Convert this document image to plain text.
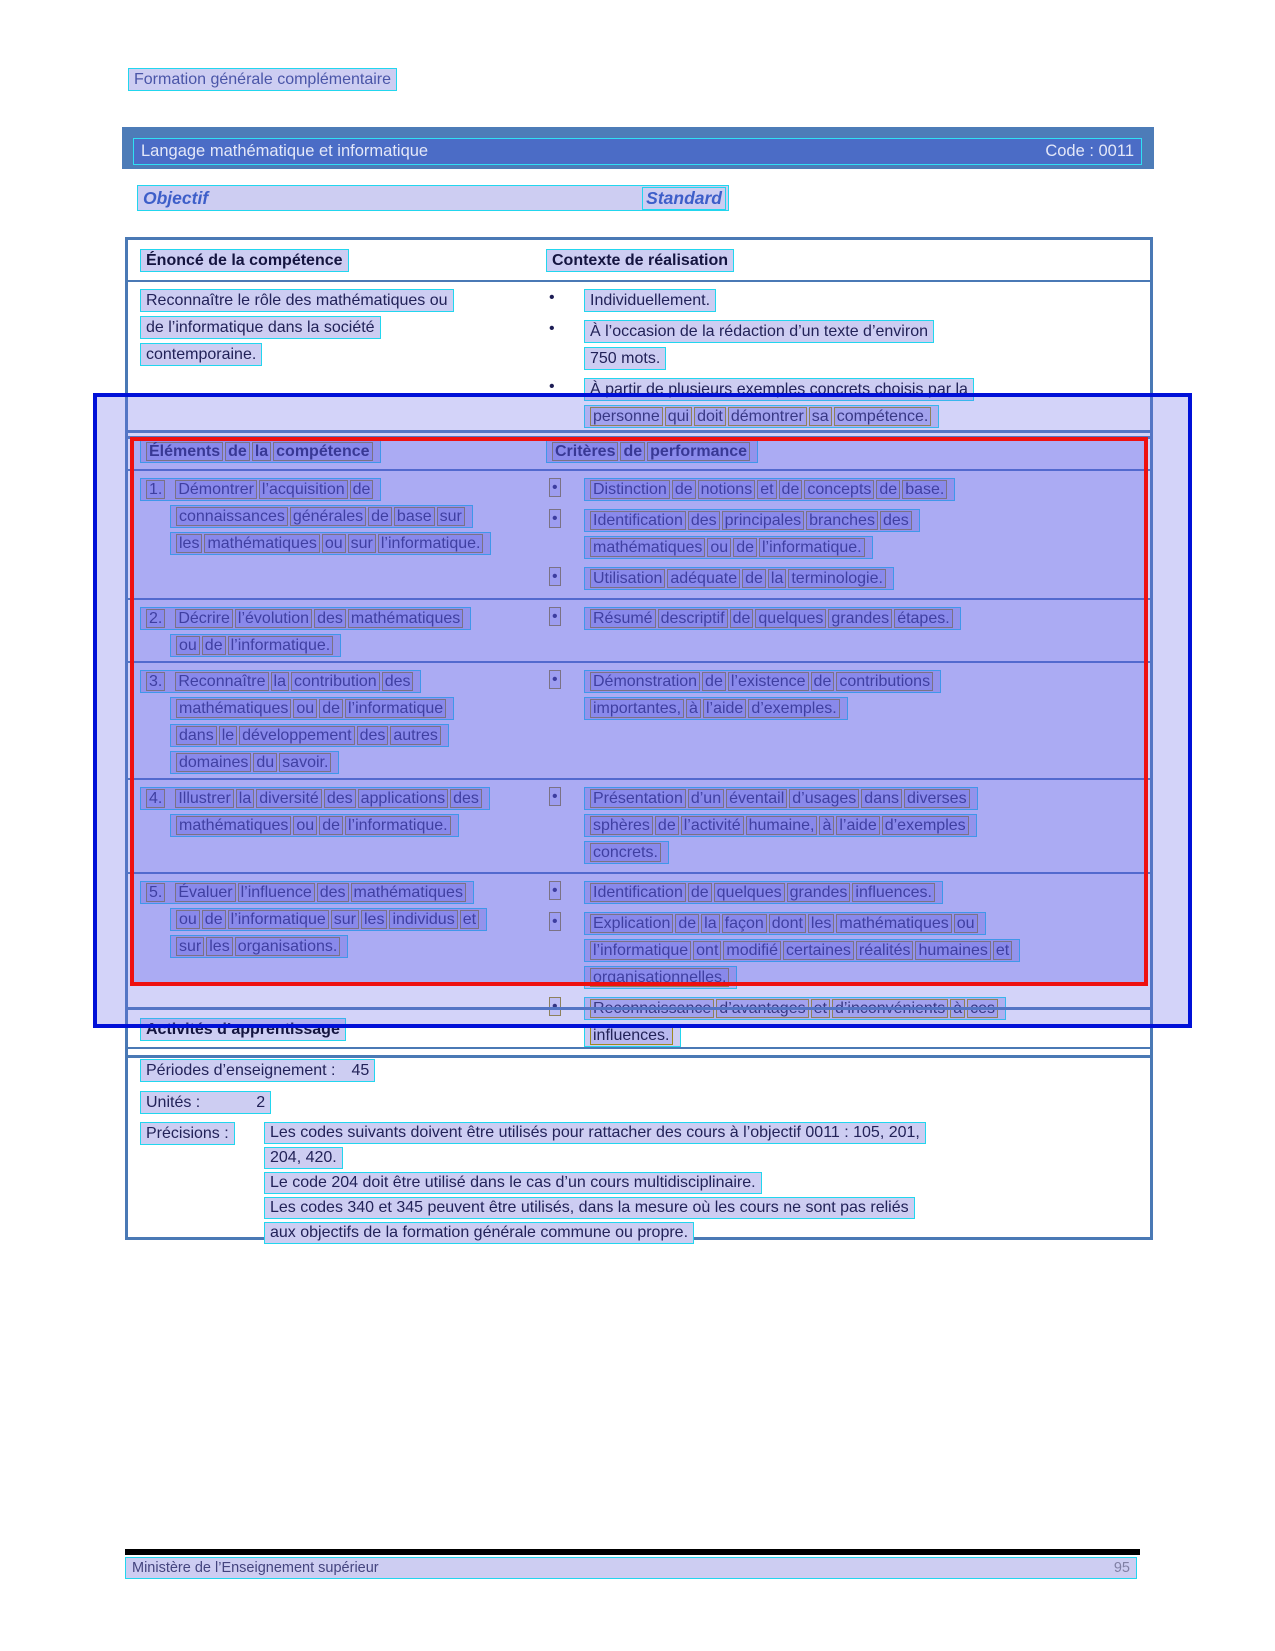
Formation générale complémentaire
Langage mathématique et informatique	Code : 0011
Objectif	Standard
Énoncé de la compétence	Contexte de réalisation
Reconnaître le rôle des mathématiques ou
de l’informatique dans la société
contemporaine.
•	Individuellement.
•	À l’occasion de la rédaction d’un texte d’environ
750 mots.
•	À partir de plusieurs exemples concrets choisis par la
personne qui doit démontrer sa compétence.
Éléments de la compétence	Critères de performance
1. Démontrer l’acquisition de
connaissances générales de base sur
les mathématiques ou sur l’informatique.
•	Distinction de notions et de concepts de base.
•	Identification des principales branches des
mathématiques ou de l’informatique.
•	Utilisation adéquate de la terminologie.
2. Décrire l’évolution des mathématiques
ou de l’informatique.
•	Résumé descriptif de quelques grandes étapes.
3. Reconnaître la contribution des
mathématiques ou de l’informatique
dans le développement des autres
domaines du savoir.
•	Démonstration de l’existence de contributions
importantes, à l’aide d’exemples.
4. Illustrer la diversité des applications des
mathématiques ou de l’informatique.
•	Présentation d’un éventail d’usages dans diverses
sphères de l’activité humaine, à l’aide d’exemples
concrets.
5. Évaluer l’influence des mathématiques
ou de l’informatique sur les individus et
sur les organisations.
•	Identification de quelques grandes influences.
•	Explication de la façon dont les mathématiques ou
l’informatique ont modifié certaines réalités humaines et
organisationnelles.
•	Reconnaissance d’avantages et d’inconvénients à ces
influences.
Activités d’apprentissage
Périodes d’enseignement : 45
Unités :	2
Précisions :	Les codes suivants doivent être utilisés pour rattacher des cours à l’objectif 0011 : 105, 201,
204, 420.
Le code 204 doit être utilisé dans le cas d’un cours multidisciplinaire.
Les codes 340 et 345 peuvent être utilisés, dans la mesure où les cours ne sont pas reliés
aux objectifs de la formation générale commune ou propre.
Ministère de l’Enseignement supérieur	95
